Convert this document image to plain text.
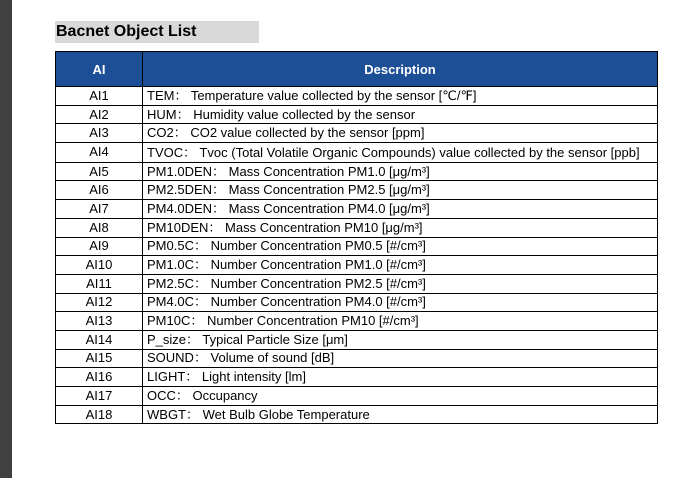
Bacnet Object List
AI	Description
AI1	TEM： Temperature value collected by the sensor [℃/℉]
AI2	HUM： Humidity value collected by the sensor
AI3	CO2： CO2 value collected by the sensor [ppm]
AI4	TVOC： Tvoc (Total Volatile Organic Compounds) value collected by the sensor [ppb]
AI5	PM1.0DEN： Mass Concentration PM1.0 [μg/m³]
AI6	PM2.5DEN： Mass Concentration PM2.5 [μg/m³]
AI7	PM4.0DEN： Mass Concentration PM4.0 [μg/m³]
AI8	PM10DEN： Mass Concentration PM10 [μg/m³]
AI9	PM0.5C： Number Concentration PM0.5 [#/cm³]
AI10	PM1.0C： Number Concentration PM1.0 [#/cm³]
AI11	PM2.5C： Number Concentration PM2.5 [#/cm³]
AI12	PM4.0C： Number Concentration PM4.0 [#/cm³]
AI13	PM10C： Number Concentration PM10 [#/cm³]
AI14	P_size： Typical Particle Size [μm]
AI15	SOUND： Volume of sound [dB]
AI16	LIGHT： Light intensity [lm]
AI17	OCC： Occupancy
AI18	WBGT： Wet Bulb Globe Temperature
